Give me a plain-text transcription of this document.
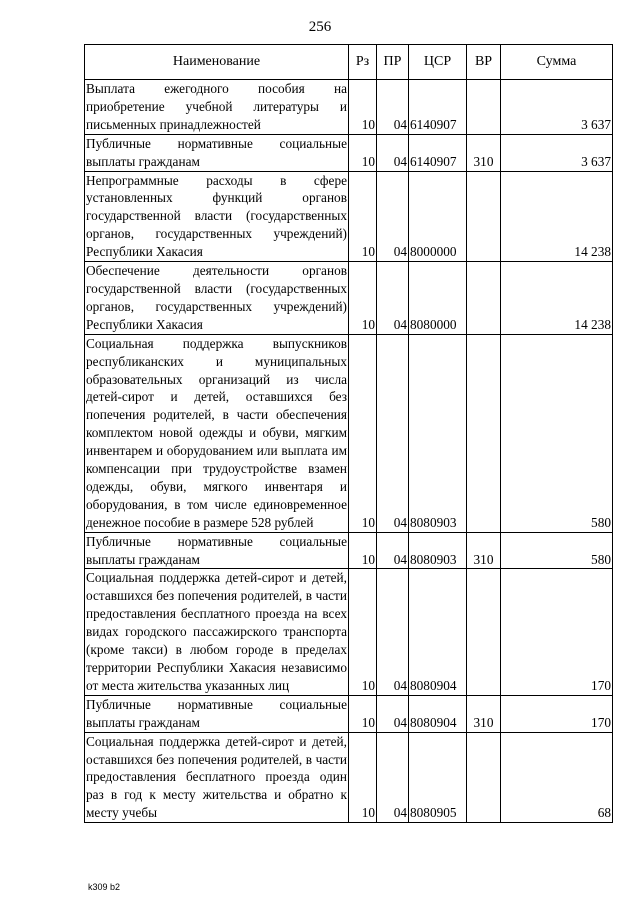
256
Наименование	Рз	ПР	ЦСР	ВР	Сумма
Выплата ежегодного пособия на приобретение учебной литературы и письменных принадлежностей	10	04	6140907		3 637
Публичные нормативные социальные выплаты гражданам	10	04	6140907	310	3 637
Непрограммные расходы в сфере установленных функций органов государственной власти (государственных органов, государственных учреждений) Республики Хакасия	10	04	8000000		14 238
Обеспечение деятельности органов государственной власти (государственных органов, государственных учреждений) Республики Хакасия	10	04	8080000		14 238
Социальная поддержка выпускников республиканских и муниципальных образовательных организаций из числа детей-сирот и детей, оставшихся без попечения родителей, в части обеспечения комплектом новой одежды и обуви, мягким инвентарем и оборудованием или выплата им компенсации при трудоустройстве взамен одежды, обуви, мягкого инвентаря и оборудования, в том числе единовременное денежное пособие в размере 528 рублей	10	04	8080903		580
Публичные нормативные социальные выплаты гражданам	10	04	8080903	310	580
Социальная поддержка детей-сирот и детей, оставшихся без попечения родителей, в части предоставления бесплатного проезда на всех видах городского пассажирского транспорта (кроме такси) в любом городе в пределах территории Республики Хакасия независимо от места жительства указанных лиц	10	04	8080904		170
Публичные нормативные социальные выплаты гражданам	10	04	8080904	310	170
Социальная поддержка детей-сирот и детей, оставшихся без попечения родителей, в части предоставления бесплатного проезда один раз в год к месту жительства и обратно к месту учебы	10	04	8080905		68
k309 b2
